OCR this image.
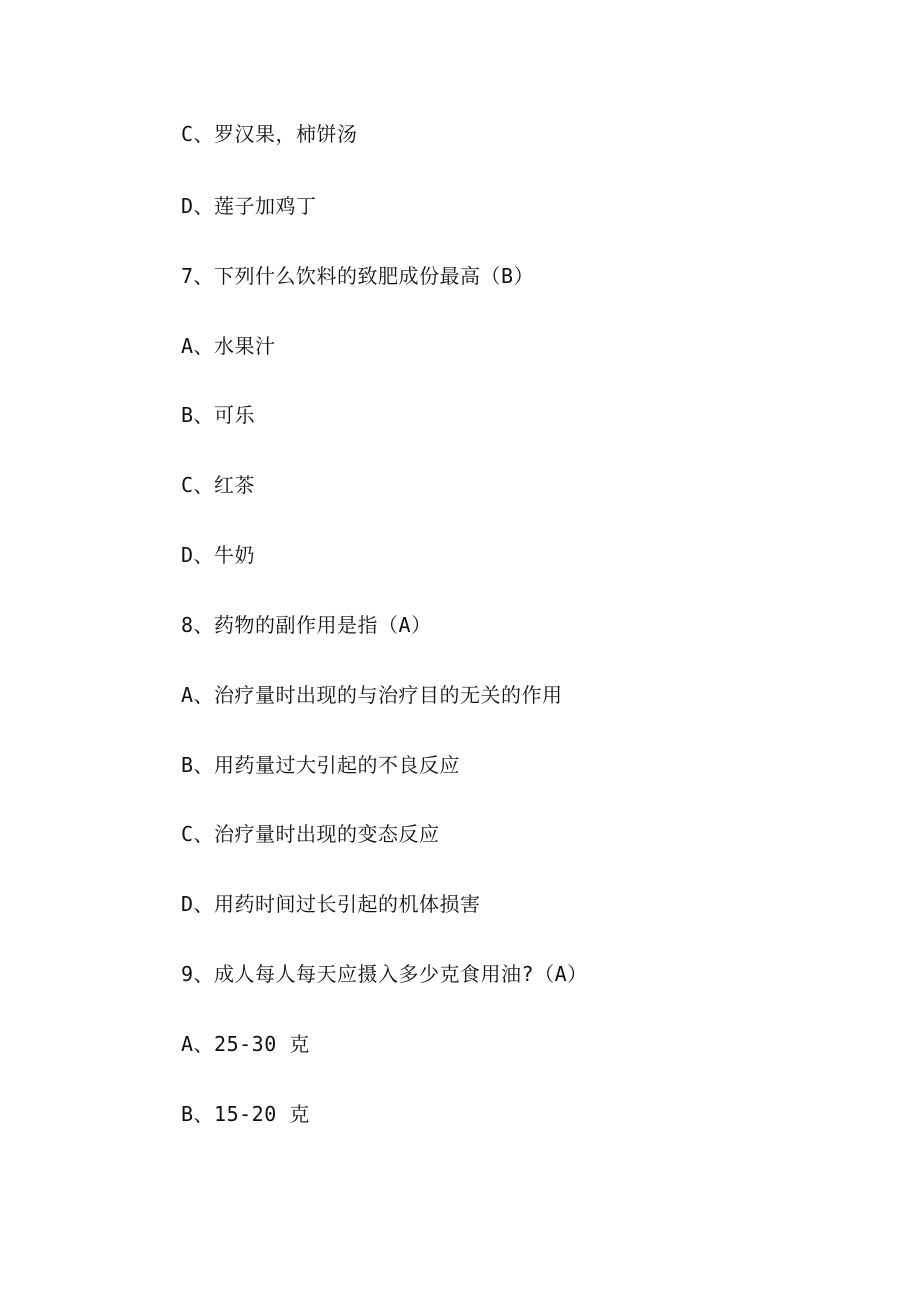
C、罗汉果，柿饼汤
D、莲子加鸡丁
7、下列什么饮料的致肥成份最高（B）
A、水果汁
B、可乐
C、红茶
D、牛奶
8、药物的副作用是指（A）
A、治疗量时出现的与治疗目的无关的作用
B、用药量过大引起的不良反应
C、治疗量时出现的变态反应
D、用药时间过长引起的机体损害
9、成人每人每天应摄入多少克食用油?（A）
A、25-30 克
B、15-20 克
